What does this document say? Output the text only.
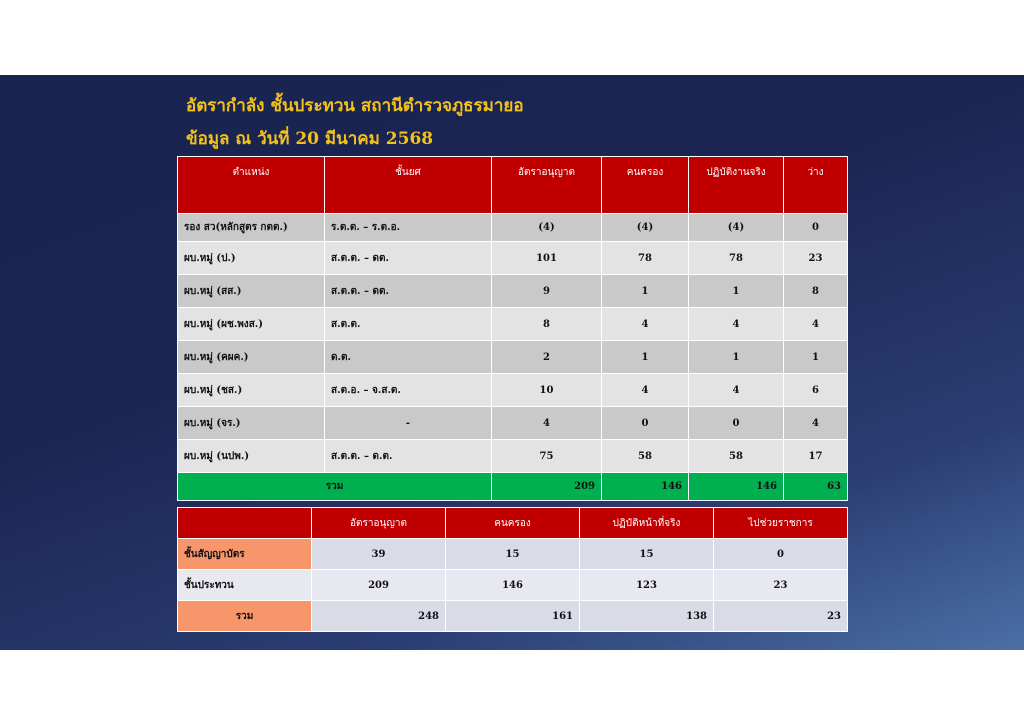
อัตรากำลัง ชั้นประทวน สถานีตำรวจภูธรมายอ
ข้อมูล ณ วันที่ 20 มีนาคม 2568
ตำแหน่ง	ชั้นยศ	อัตราอนุญาต	คนครอง	ปฏิบัติงานจริง	ว่าง
รอง สว(หลักสูตร กตต.)	ร.ต.ต. – ร.ต.อ.	(4)	(4)	(4)	0
ผบ.หมู่ (ป.)	ส.ต.ต. – ดต.	101	78	78	23
ผบ.หมู่ (สส.)	ส.ต.ต. – ดต.	9	1	1	8
ผบ.หมู่ (ผช.พงส.)	ส.ต.ต.	8	4	4	4
ผบ.หมู่ (คผค.)	ด.ต.	2	1	1	1
ผบ.หมู่ (ชส.)	ส.ต.อ. – จ.ส.ต.	10	4	4	6
ผบ.หมู่ (จร.)	-	4	0	0	4
ผบ.หมู่ (นปพ.)	ส.ต.ต. – ด.ต.	75	58	58	17
รวม		209	146	146	63
	อัตราอนุญาต	คนครอง	ปฏิบัติหน้าที่จริง	ไปช่วยราชการ
ชั้นสัญญาบัตร	39	15	15	0
ชั้นประทวน	209	146	123	23
รวม	248	161	138	23
